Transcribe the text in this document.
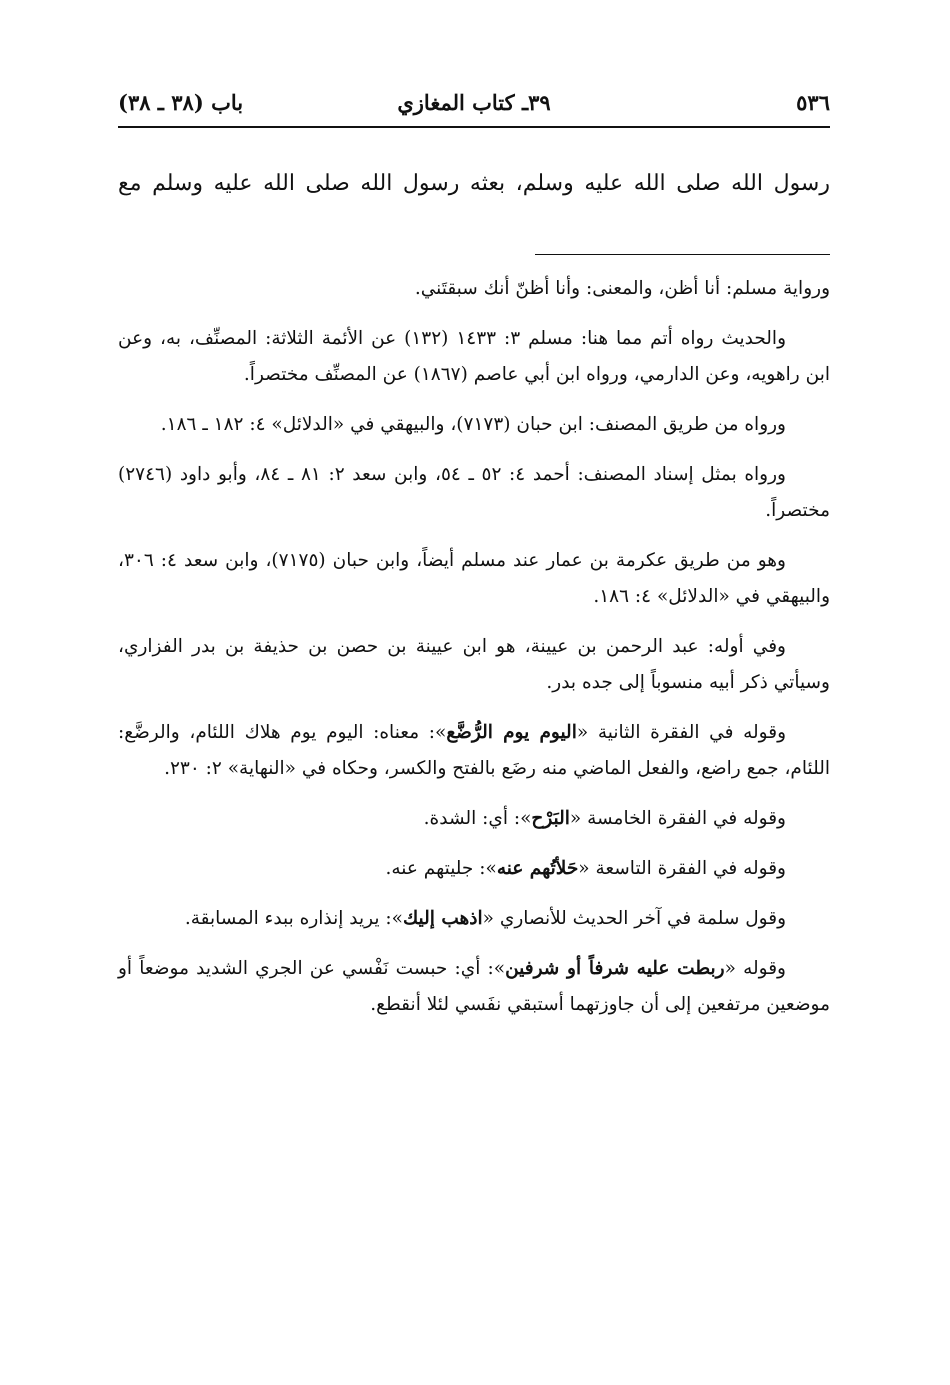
٥٣٦
٣٩ـ كتاب المغازي
باب (٣٨ ـ ٣٨)
رسول الله صلى الله عليه وسلم، بعثه رسول الله صلى الله عليه وسلم مع

ورواية مسلم: أنا أظن، والمعنى: وأنا أظنّ أنك سبقتَني.

والحديث رواه أتم مما هنا: مسلم ٣: ١٤٣٣ (١٣٢) عن الأئمة الثلاثة: المصنِّف، به، وعن ابن راهويه، وعن الدارمي، ورواه ابن أبي عاصم (١٨٦٧) عن المصنِّف مختصراً.

ورواه من طريق المصنف: ابن حبان (٧١٧٣)، والبيهقي في «الدلائل» ٤: ١٨٢ ـ ١٨٦.

ورواه بمثل إسناد المصنف: أحمد ٤: ٥٢ ـ ٥٤، وابن سعد ٢: ٨١ ـ ٨٤، وأبو داود (٢٧٤٦) مختصراً.

وهو من طريق عكرمة بن عمار عند مسلم أيضاً، وابن حبان (٧١٧٥)، وابن سعد ٤: ٣٠٦، والبيهقي في «الدلائل» ٤: ١٨٦.

وفي أوله: عبد الرحمن بن عيينة، هو ابن عيينة بن حصن بن حذيفة بن بدر الفزاري، وسيأتي ذكر أبيه منسوباً إلى جده بدر.

وقوله في الفقرة الثانية «اليوم يوم الرُّضَّع»: معناه: اليوم يوم هلاك اللئام، والرضَّع: اللئام، جمع راضع، والفعل الماضي منه رضَع بالفتح والكسر، وحكاه في «النهاية» ٢: ٢٣٠.

وقوله في الفقرة الخامسة «البَرْح»: أي: الشدة.

وقوله في الفقرة التاسعة «حَلأتُهم عنه»: جليتهم عنه.

وقول سلمة في آخر الحديث للأنصاري «اذهب إليك»: يريد إنذاره ببدء المسابقة.

وقوله «ربطت عليه شرفاً أو شرفين»: أي: حبست نَفْسي عن الجري الشديد موضعاً أو موضعين مرتفعين إلى أن جاوزتهما أستبقي نفَسي لئلا أنقطع.
